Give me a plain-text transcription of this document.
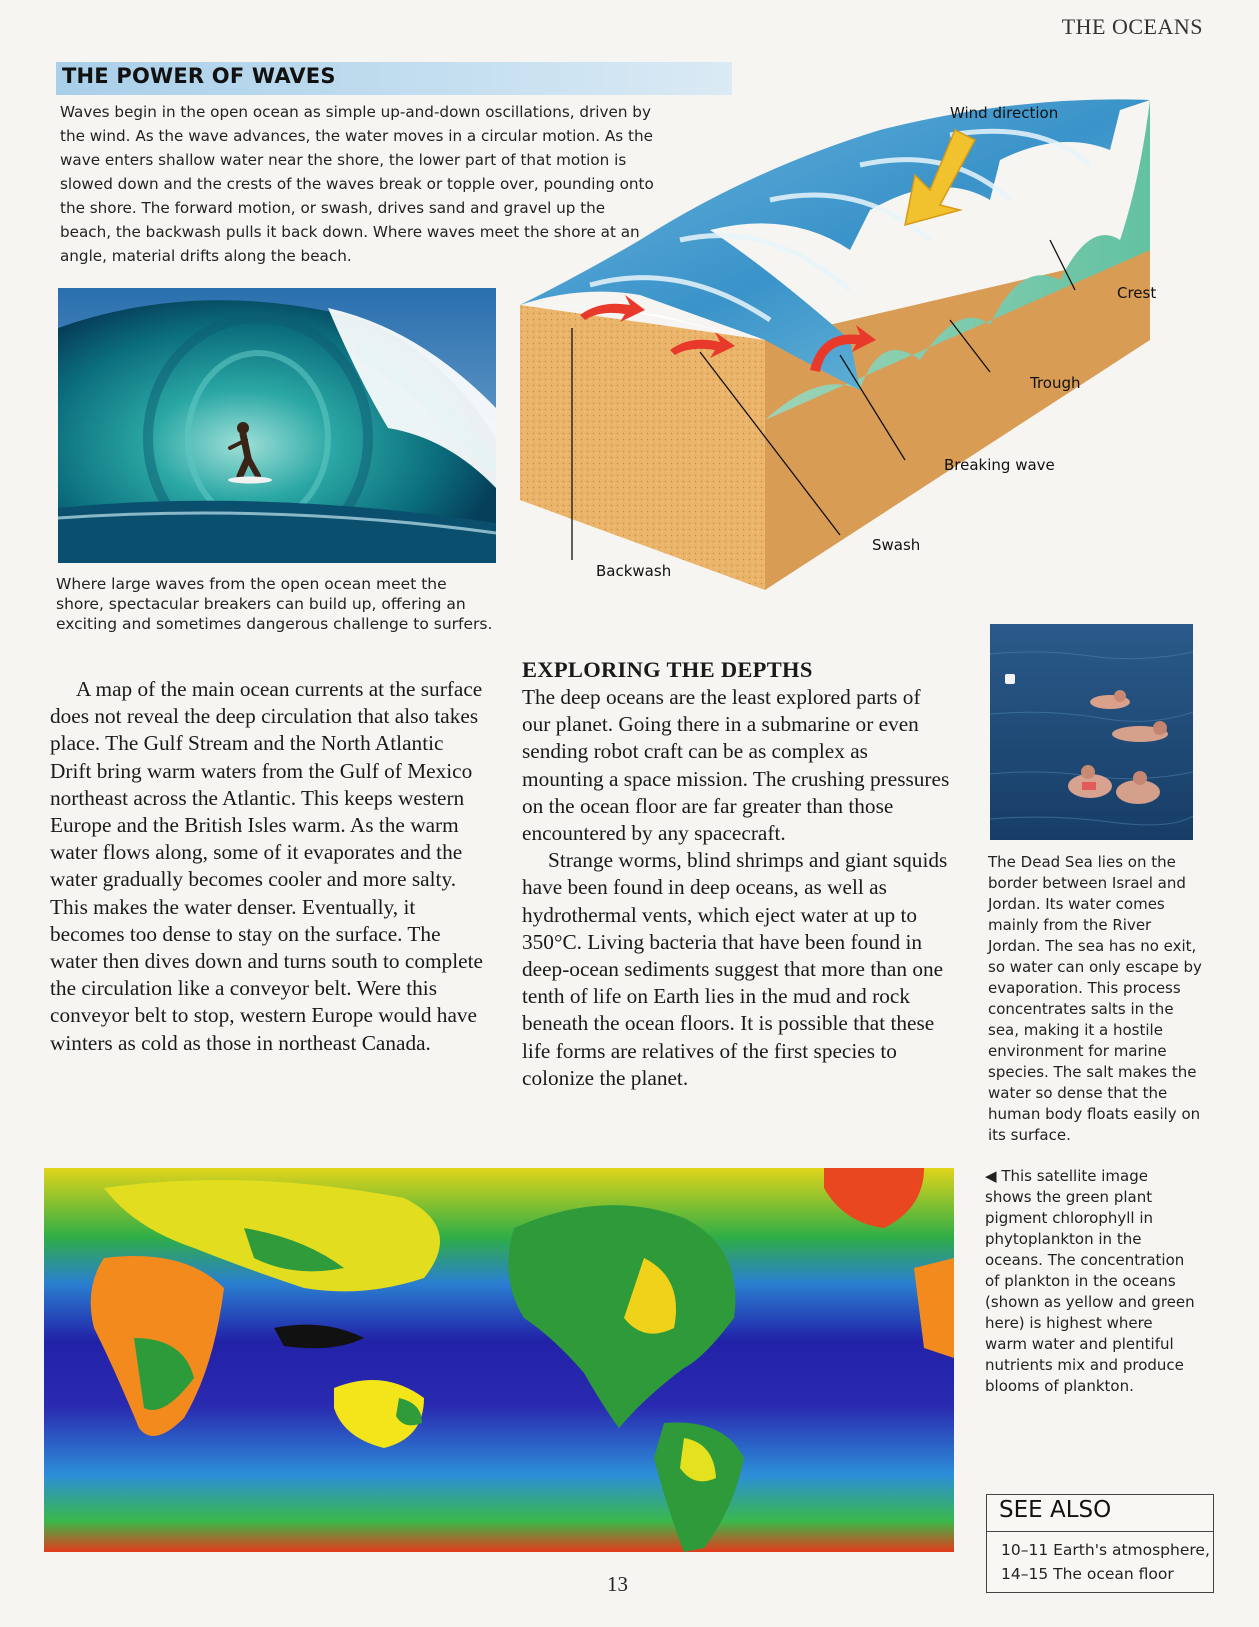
THE OCEANS
THE POWER OF WAVES
Waves begin in the open ocean as simple up-and-down oscillations, driven by the wind. As the wave advances, the water moves in a circular motion. As the wave enters shallow water near the shore, the lower part of that motion is slowed down and the crests of the waves break or topple over, pounding onto the shore. The forward motion, or swash, drives sand and gravel up the beach, the backwash pulls it back down. Where waves meet the shore at an angle, material drifts along the beach.
Where large waves from the open ocean meet the shore, spectacular breakers can build up, offering an exciting and sometimes dangerous challenge to surfers.
Wind direction
Crest
Trough
Breaking wave
Swash
Backwash

A map of the main ocean currents at the surface does not reveal the deep circulation that also takes place. The Gulf Stream and the North Atlantic Drift bring warm waters from the Gulf of Mexico northeast across the Atlantic. This keeps western Europe and the British Isles warm. As the warm water flows along, some of it evaporates and the water gradually becomes cooler and more salty. This makes the water denser. Eventually, it becomes too dense to stay on the surface. The water then dives down and turns south to complete the circulation like a conveyor belt. Were this conveyor belt to stop, western Europe would have winters as cold as those in northeast Canada.

EXPLORING THE DEPTHS

The deep oceans are the least explored parts of our planet. Going there in a submarine or even sending robot craft can be as complex as mounting a space mission. The crushing pressures on the ocean floor are far greater than those encountered by any spacecraft.

Strange worms, blind shrimps and giant squids have been found in deep oceans, as well as hydrothermal vents, which eject water at up to 350°C. Living bacteria that have been found in deep-ocean sediments suggest that more than one tenth of life on Earth lies in the mud and rock beneath the ocean floors. It is possible that these life forms are relatives of the first species to colonize the planet.

The Dead Sea lies on the border between Israel and Jordan. Its water comes mainly from the River Jordan. The sea has no exit, so water can only escape by evaporation. This process concentrates salts in the sea, making it a hostile environment for marine species. The salt makes the water so dense that the human body floats easily on its surface.
◀ This satellite image shows the green plant pigment chlorophyll in phytoplankton in the oceans. The concentration of plankton in the oceans (shown as yellow and green here) is highest where warm water and plentiful nutrients mix and produce blooms of plankton.
SEE ALSO
10–11 Earth's atmosphere,
14–15 The ocean floor
13
